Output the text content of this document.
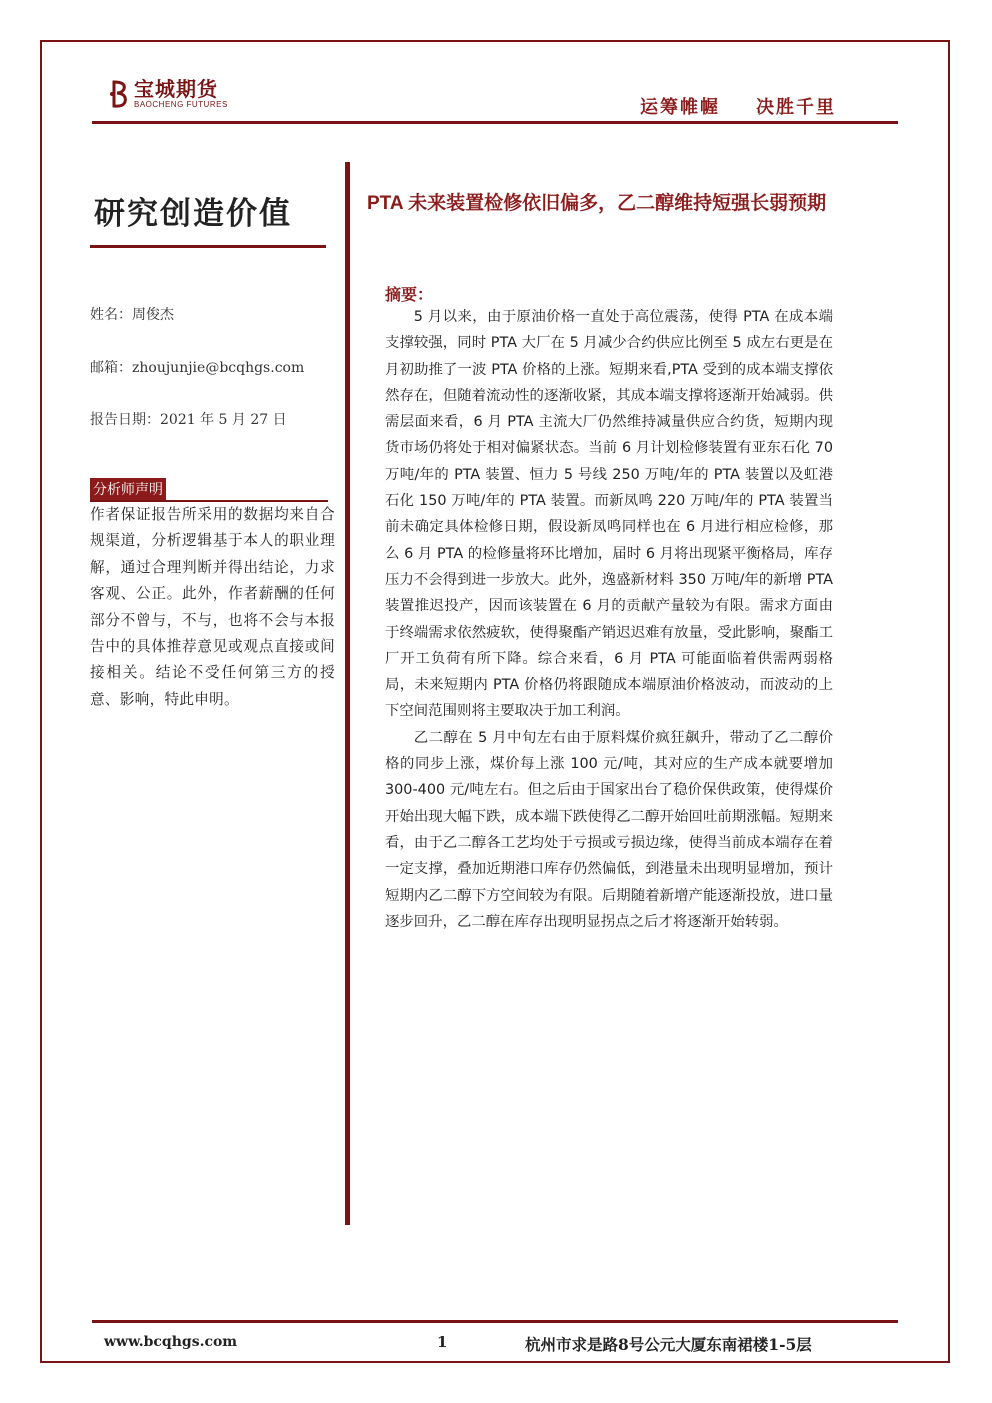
宝城期货
BAOCHENG FUTURES	运筹帷幄 决胜千里
研究创造价值	PTA 未来装置检修依旧偏多，乙二醇维持短强长弱预期
姓名：周俊杰
邮箱：zhoujunjie@bcqhgs.com
报告日期：2021 年 5 月 27 日
分析师声明
作者保证报告所采用的数据均来自合规渠道，分析逻辑基于本人的职业理解，通过合理判断并得出结论，力求客观、公正。此外，作者薪酬的任何部分不曾与，不与，也将不会与本报告中的具体推荐意见或观点直接或间接相关。结论不受任何第三方的授意、影响，特此申明。
摘要：

5 月以来，由于原油价格一直处于高位震荡，使得 PTA 在成本端支撑较强，同时 PTA 大厂在 5 月减少合约供应比例至 5 成左右更是在月初助推了一波 PTA 价格的上涨。短期来看,PTA 受到的成本端支撑依然存在，但随着流动性的逐渐收紧，其成本端支撑将逐渐开始减弱。供需层面来看，6 月 PTA 主流大厂仍然维持减量供应合约货，短期内现货市场仍将处于相对偏紧状态。当前 6 月计划检修装置有亚东石化 70 万吨/年的 PTA 装置、恒力 5 号线 250 万吨/年的 PTA 装置以及虹港石化 150 万吨/年的 PTA 装置。而新凤鸣 220 万吨/年的 PTA 装置当前未确定具体检修日期，假设新凤鸣同样也在 6 月进行相应检修，那么 6 月 PTA 的检修量将环比增加，届时 6 月将出现紧平衡格局，库存压力不会得到进一步放大。此外，逸盛新材料 350 万吨/年的新增 PTA 装置推迟投产，因而该装置在 6 月的贡献产量较为有限。需求方面由于终端需求依然疲软，使得聚酯产销迟迟难有放量，受此影响，聚酯工厂开工负荷有所下降。综合来看，6 月 PTA 可能面临着供需两弱格局，未来短期内 PTA 价格仍将跟随成本端原油价格波动，而波动的上下空间范围则将主要取决于加工利润。

乙二醇在 5 月中旬左右由于原料煤价疯狂飙升，带动了乙二醇价格的同步上涨，煤价每上涨 100 元/吨，其对应的生产成本就要增加 300-400 元/吨左右。但之后由于国家出台了稳价保供政策，使得煤价开始出现大幅下跌，成本端下跌使得乙二醇开始回吐前期涨幅。短期来看，由于乙二醇各工艺均处于亏损或亏损边缘，使得当前成本端存在着一定支撑，叠加近期港口库存仍然偏低，到港量未出现明显增加，预计短期内乙二醇下方空间较为有限。后期随着新增产能逐渐投放，进口量逐步回升，乙二醇在库存出现明显拐点之后才将逐渐开始转弱。

www.bcqhgs.com	1	杭州市求是路8号公元大厦东南裙楼1-5层
